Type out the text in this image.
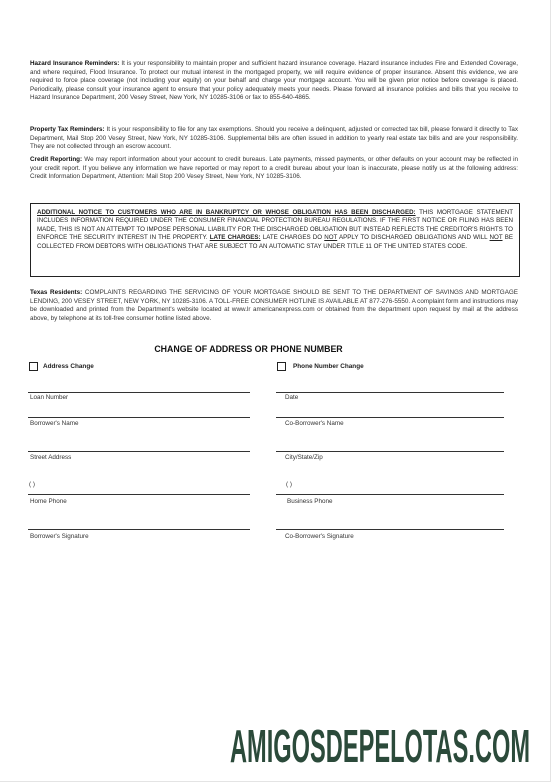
Hazard Insurance Reminders: It is your responsibility to maintain proper and sufficient hazard insurance coverage. Hazard insurance includes Fire and Extended Coverage, and where required, Flood Insurance. To protect our mutual interest in the mortgaged property, we will require evidence of proper insurance. Absent this evidence, we are required to force place coverage (not including your equity) on your behalf and charge your mortgage account. You will be given prior notice before coverage is placed. Periodically, please consult your insurance agent to ensure that your policy adequately meets your needs. Please forward all insurance policies and bills that you receive to Hazard Insurance Department, 200 Vesey Street, New York, NY 10285-3106 or fax to 855-640-4865.
Property Tax Reminders: It is your responsibility to file for any tax exemptions. Should you receive a delinquent, adjusted or corrected tax bill, please forward it directly to Tax Department, Mail Stop 200 Vesey Street, New York, NY 10285-3106. Supplemental bills are often issued in addition to yearly real estate tax bills and are your responsibility. They are not collected through an escrow account.
Credit Reporting: We may report information about your account to credit bureaus. Late payments, missed payments, or other defaults on your account may be reflected in your credit report. If you believe any information we have reported or may report to a credit bureau about your loan is inaccurate, please notify us at the following address: Credit Information Department, Attention: Mail Stop 200 Vesey Street, New York, NY 10285-3106.
ADDITIONAL NOTICE TO CUSTOMERS WHO ARE IN BANKRUPTCY OR WHOSE OBLIGATION HAS BEEN DISCHARGED: THIS MORTGAGE STATEMENT INCLUDES INFORMATION REQUIRED UNDER THE CONSUMER FINANCIAL PROTECTION BUREAU REGULATIONS. IF THE FIRST NOTICE OR FILING HAS BEEN MADE, THIS IS NOT AN ATTEMPT TO IMPOSE PERSONAL LIABILITY FOR THE DISCHARGED OBLIGATION BUT INSTEAD REFLECTS THE CREDITOR'S RIGHTS TO ENFORCE THE SECURITY INTEREST IN THE PROPERTY. LATE CHARGES: LATE CHARGES DO NOT APPLY TO DISCHARGED OBLIGATIONS AND WILL NOT BE COLLECTED FROM DEBTORS WITH OBLIGATIONS THAT ARE SUBJECT TO AN AUTOMATIC STAY UNDER TITLE 11 OF THE UNITED STATES CODE.
Texas Residents: COMPLAINTS REGARDING THE SERVICING OF YOUR MORTGAGE SHOULD BE SENT TO THE DEPARTMENT OF SAVINGS AND MORTGAGE LENDING, 200 VESEY STREET, NEW YORK, NY 10285-3106. A TOLL-FREE CONSUMER HOTLINE IS AVAILABLE AT 877-276-5550. A complaint form and instructions may be downloaded and printed from the Department's website located at www.lr americanexpress.com or obtained from the department upon request by mail at the address above, by telephone at its toll-free consumer hotline listed above.
CHANGE OF ADDRESS OR PHONE NUMBER
Address Change	Phone Number Change
Loan Number	Date
Borrower's Name	Co-Borrower's Name
Street Address	City/State/Zip
( )	( )
Home Phone	Business Phone
Borrower's Signature	Co-Borrower's Signature
AMIGOSDEPELOTAS.COM
